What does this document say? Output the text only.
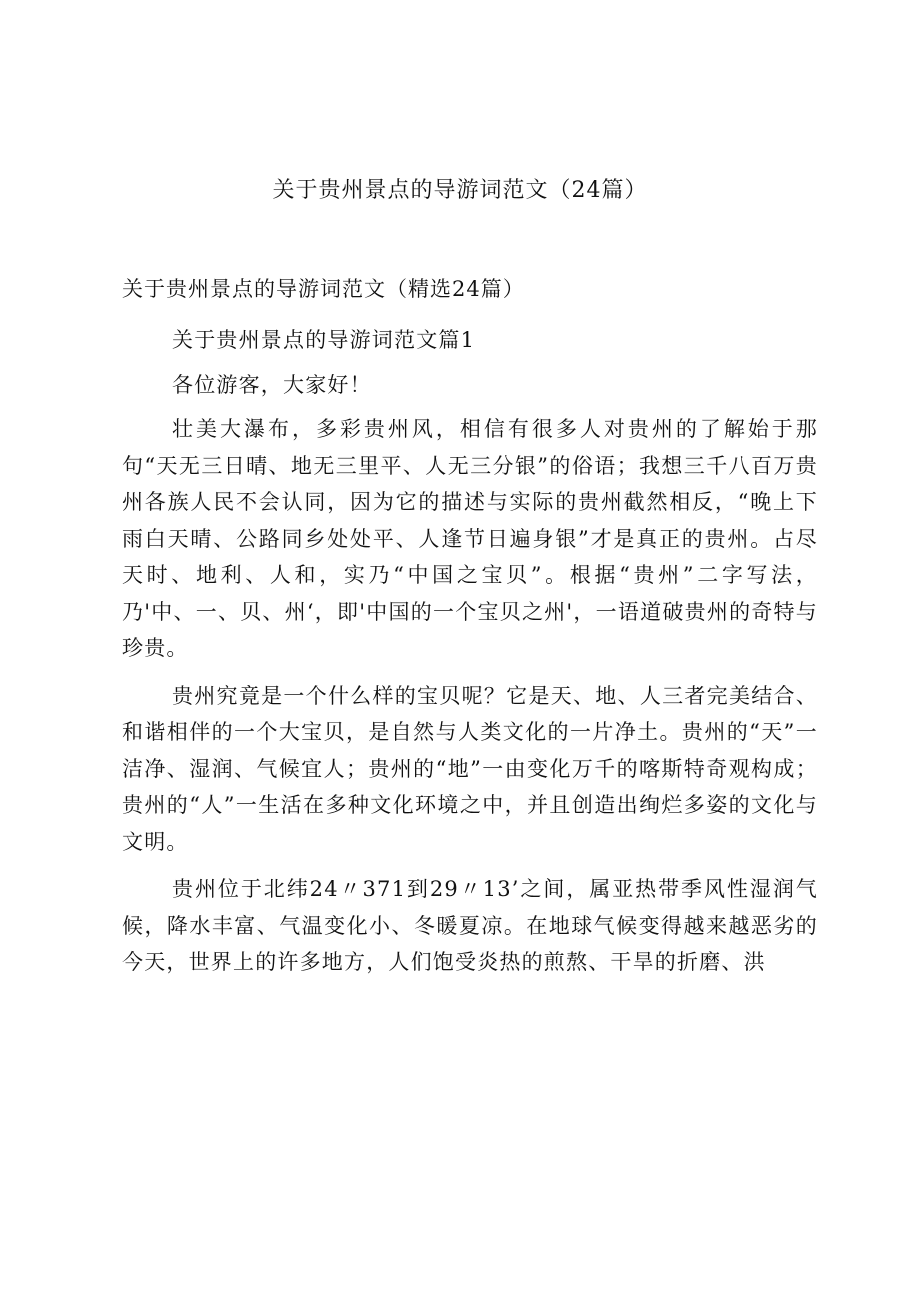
关于贵州景点的导游词范文（24篇）
关于贵州景点的导游词范文（精选24篇）

关于贵州景点的导游词范文篇1

各位游客，大家好！

壮美大瀑布，多彩贵州风，相信有很多人对贵州的了解始于那句“天无三日晴、地无三里平、人无三分银”的俗语；我想三千八百万贵州各族人民不会认同，因为它的描述与实际的贵州截然相反，“晚上下雨白天晴、公路同乡处处平、人逢节日遍身银”才是真正的贵州。占尽天时、地利、人和，实乃“中国之宝贝”。根据“贵州”二字写法，乃'中、一、贝、州‘，即'中国的一个宝贝之州'，一语道破贵州的奇特与珍贵。

贵州究竟是一个什么样的宝贝呢？它是天、地、人三者完美结合、和谐相伴的一个大宝贝，是自然与人类文化的一片净土。贵州的“天”一洁净、湿润、气候宜人；贵州的“地”一由变化万千的喀斯特奇观构成；贵州的“人”一生活在多种文化环境之中，并且创造出绚烂多姿的文化与文明。

贵州位于北纬24〃371到29〃13’之间，属亚热带季风性湿润气候，降水丰富、气温变化小、冬暖夏凉。在地球气候变得越来越恶劣的今天，世界上的许多地方，人们饱受炎热的煎熬、干旱的折磨、洪
